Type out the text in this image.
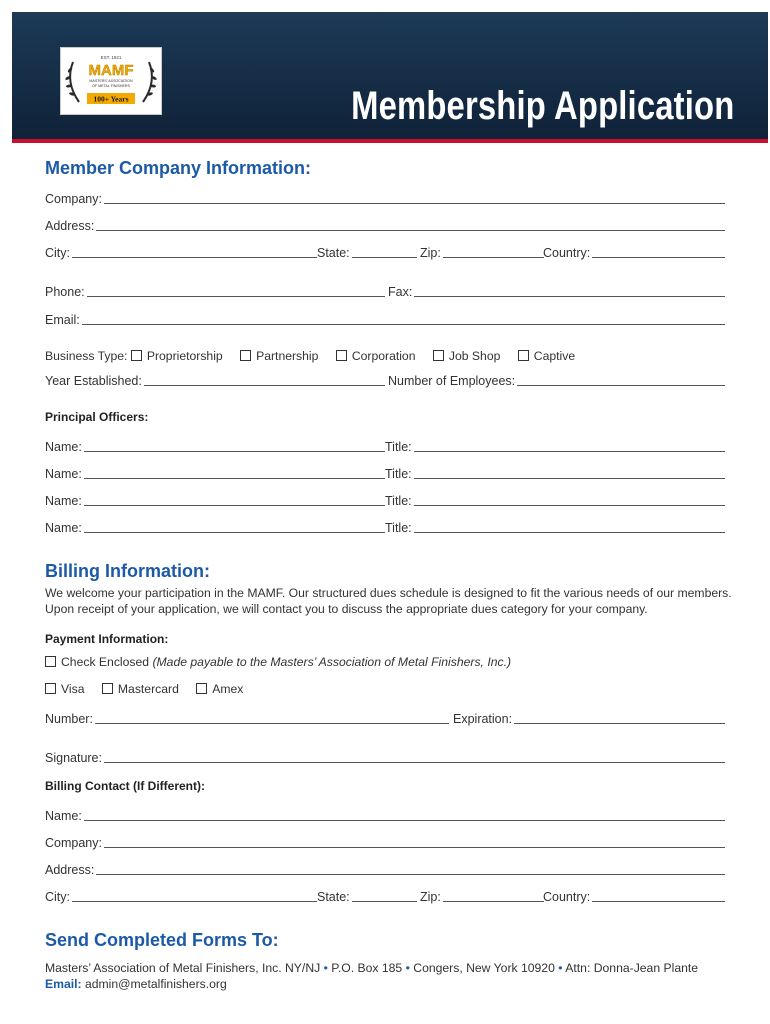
EST. 1921
MAMF
MASTERS' ASSOCIATION
OF METAL FINISHERS
100+ Years	Membership Application
Member Company Information:
Company:
Address:
City:	State:	Zip:	Country:
Phone:	Fax:
Email:
Business Type: Proprietorship	Partnership	Corporation	Job Shop	Captive
Year Established:	Number of Employees:
Principal Officers:
Name:	Title:
Name:	Title:
Name:	Title:
Name:	Title:
Billing Information:
We welcome your participation in the MAMF. Our structured dues schedule is designed to fit the various needs of our members.
Upon receipt of your application, we will contact you to discuss the appropriate dues category for your company.
Payment Information:
Check Enclosed (Made payable to the Masters’ Association of Metal Finishers, Inc.)
Visa	Mastercard	Amex
Number:	Expiration:
Signature:
Billing Contact (If Different):
Name:
Company:
Address:
City:	State:	Zip:	Country:
Send Completed Forms To:
Masters’ Association of Metal Finishers, Inc. NY/NJ • P.O. Box 185 • Congers, New York 10920 • Attn: Donna-Jean Plante
Email: admin@metalfinishers.org
